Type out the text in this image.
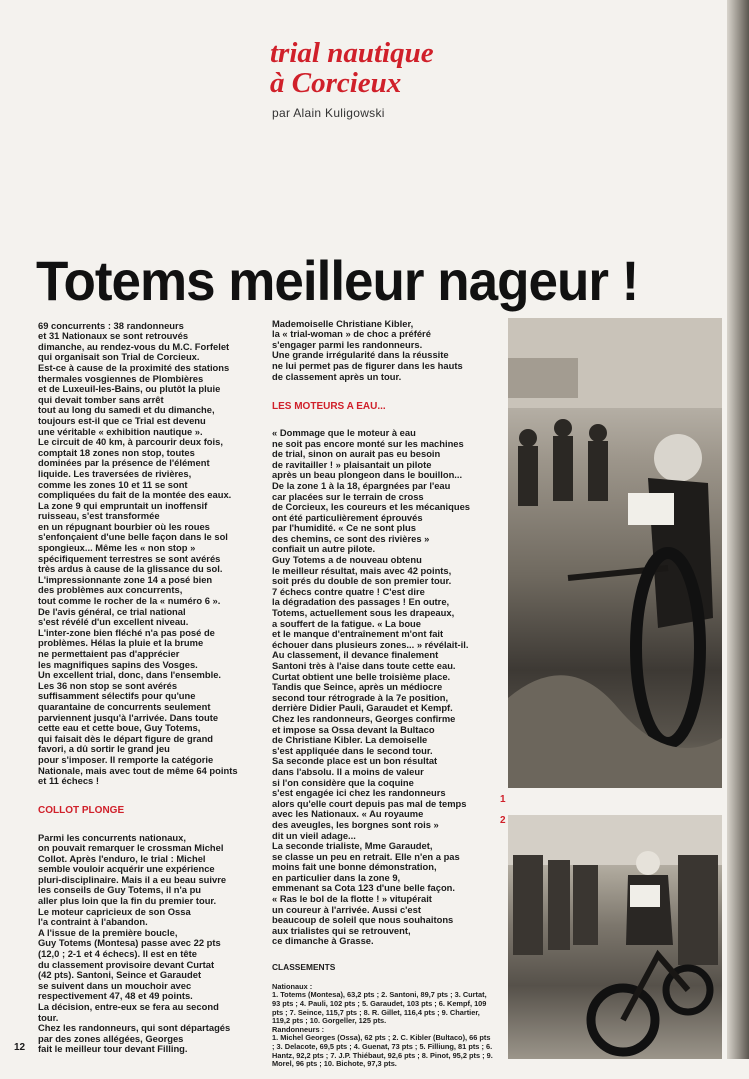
trial nautique
à Corcieux
par Alain Kuligowski
Totems meilleur nageur !

69 concurrents : 38 randonneurs
et 31 Nationaux se sont retrouvés
dimanche, au rendez-vous du M.C. Forfelet
qui organisait son Trial de Corcieux.
Est-ce à cause de la proximité des stations
thermales vosgiennes de Plombières
et de Luxeuil-les-Bains, ou plutôt la pluie
qui devait tomber sans arrêt
tout au long du samedi et du dimanche,
toujours est-il que ce Trial est devenu
une véritable « exhibition nautique ».
Le circuit de 40 km, à parcourir deux fois,
comptait 18 zones non stop, toutes
dominées par la présence de l'élément
liquide. Les traversées de rivières,
comme les zones 10 et 11 se sont
compliquées du fait de la montée des eaux.
La zone 9 qui empruntait un inoffensif
ruisseau, s'est transformée
en un répugnant bourbier où les roues
s'enfonçaient d'une belle façon dans le sol
spongieux... Même les « non stop »
spécifiquement terrestres se sont avérés
très ardus à cause de la glissance du sol.
L'impressionnante zone 14 a posé bien
des problèmes aux concurrents,
tout comme le rocher de la « numéro 6 ».
De l'avis général, ce trial national
s'est révélé d'un excellent niveau.
L'inter-zone bien fléché n'a pas posé de
problèmes. Hélas la pluie et la brume
ne permettaient pas d'apprécier
les magnifiques sapins des Vosges.
Un excellent trial, donc, dans l'ensemble.
Les 36 non stop se sont avérés
suffisamment sélectifs pour qu'une
quarantaine de concurrents seulement
parviennent jusqu'à l'arrivée. Dans toute
cette eau et cette boue, Guy Totems,
qui faisait dès le départ figure de grand
favori, a dû sortir le grand jeu
pour s'imposer. Il remporte la catégorie
Nationale, mais avec tout de même 64 points
et 11 échecs !

COLLOT PLONGE

Parmi les concurrents nationaux,
on pouvait remarquer le crossman Michel
Collot. Après l'enduro, le trial : Michel
semble vouloir acquérir une expérience
pluri-disciplinaire. Mais il a eu beau suivre
les conseils de Guy Totems, il n'a pu
aller plus loin que la fin du premier tour.
Le moteur capricieux de son Ossa
l'a contraint à l'abandon.
A l'issue de la première boucle,
Guy Totems (Montesa) passe avec 22 pts
(12,0 ; 2-1 et 4 échecs). Il est en tête
du classement provisoire devant Curtat
(42 pts). Santoni, Seince et Garaudet
se suivent dans un mouchoir avec
respectivement 47, 48 et 49 points.
La décision, entre-eux se fera au second
tour.
Chez les randonneurs, qui sont départagés
par des zones allégées, Georges
fait le meilleur tour devant Filling.

Mademoiselle Christiane Kibler,
la « trial-woman » de choc a préféré
s'engager parmi les randonneurs.
Une grande irrégularité dans la réussite
ne lui permet pas de figurer dans les hauts
de classement après un tour.

LES MOTEURS A EAU...

« Dommage que le moteur à eau
ne soit pas encore monté sur les machines
de trial, sinon on aurait pas eu besoin
de ravitailler ! » plaisantait un pilote
après un beau plongeon dans le bouillon...
De la zone 1 à la 18, épargnées par l'eau
car placées sur le terrain de cross
de Corcieux, les coureurs et les mécaniques
ont été particulièrement éprouvés
par l'humidité. « Ce ne sont plus
des chemins, ce sont des rivières »
confiait un autre pilote.
Guy Totems a de nouveau obtenu
le meilleur résultat, mais avec 42 points,
soit prés du double de son premier tour.
7 échecs contre quatre ! C'est dire
la dégradation des passages ! En outre,
Totems, actuellement sous les drapeaux,
a souffert de la fatigue. « La boue
et le manque d'entraînement m'ont fait
échouer dans plusieurs zones... » révélait-il.
Au classement, il devance finalement
Santoni très à l'aise dans toute cette eau.
Curtat obtient une belle troisième place.
Tandis que Seince, après un médiocre
second tour rétrograde à la 7e position,
derrière Didier Pauli, Garaudet et Kempf.
Chez les randonneurs, Georges confirme
et impose sa Ossa devant la Bultaco
de Christiane Kibler. La demoiselle
s'est appliquée dans le second tour.
Sa seconde place est un bon résultat
dans l'absolu. Il a moins de valeur
si l'on considère que la coquine
s'est engagée ici chez les randonneurs
alors qu'elle court depuis pas mal de temps
avec les Nationaux. « Au royaume
des aveugles, les borgnes sont rois »
dit un vieil adage...
La seconde trialiste, Mme Garaudet,
se classe un peu en retrait. Elle n'en a pas
moins fait une bonne démonstration,
en particulier dans la zone 9,
emmenant sa Cota 123 d'une belle façon.
« Ras le bol de la flotte ! » vitupérait
un coureur à l'arrivée. Aussi c'est
beaucoup de soleil que nous souhaitons
aux trialistes qui se retrouvent,
ce dimanche à Grasse.

CLASSEMENTS

Nationaux :
1. Totems (Montesa), 63,2 pts ; 2. Santoni, 89,7 pts ; 3. Curtat, 93 pts ; 4. Pauli, 102 pts ; 5. Garaudet, 103 pts ; 6. Kempf, 109 pts ; 7. Seince, 115,7 pts ; 8. R. Gillet, 116,4 pts ; 9. Chartier, 119,2 pts ; 10. Gorgeller, 125 pts.
Randonneurs :
1. Michel Georges (Ossa), 62 pts ; 2. C. Kibler (Bultaco), 66 pts ; 3. Delacote, 69,5 pts ; 4. Guenat, 73 pts ; 5. Filliung, 81 pts ; 6. Hantz, 92,2 pts ; 7. J.P. Thiébaut, 92,6 pts ; 8. Pinot, 95,2 pts ; 9. Morel, 96 pts ; 10. Bichote, 97,3 pts.

1
2
12
